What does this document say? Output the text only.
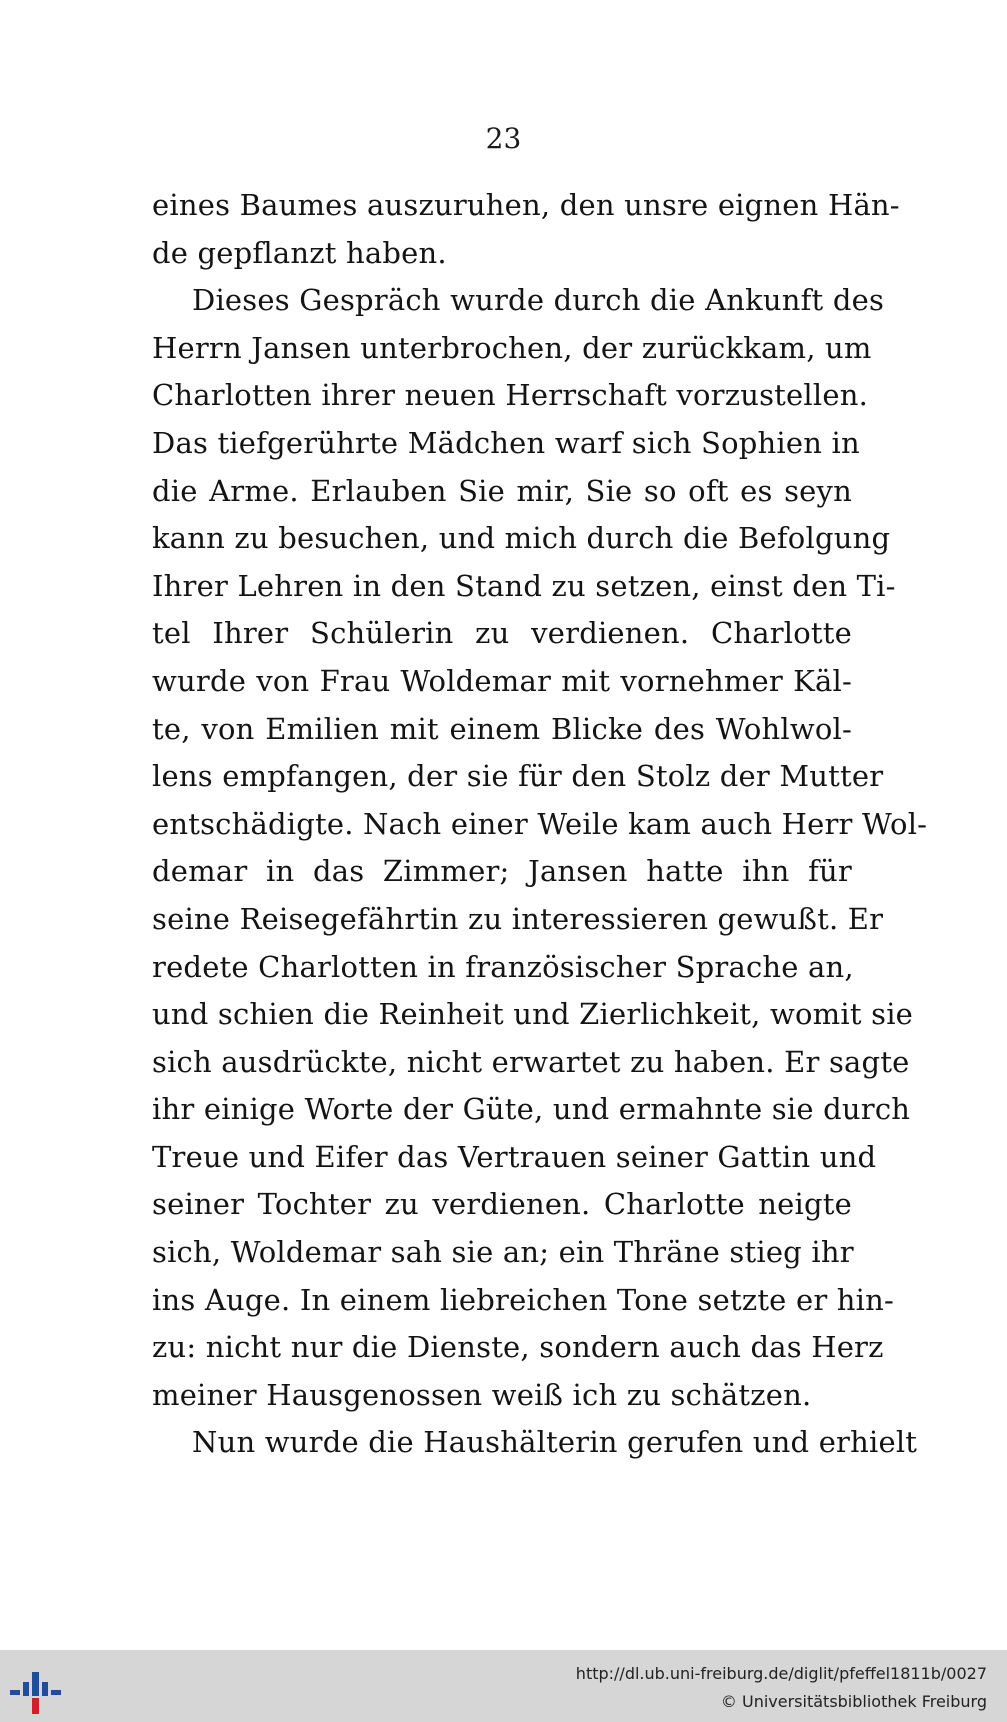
23
eines Baumes auszuruhen, den unsre eignen Hän-
de gepflanzt haben.
Dieses Gespräch wurde durch die Ankunft des
Herrn Jansen unterbrochen, der zurückkam, um
Charlotten ihrer neuen Herrschaft vorzustellen.
Das tiefgerührte Mädchen warf sich Sophien in
die Arme. Erlauben Sie mir, Sie so oft es seyn
kann zu besuchen, und mich durch die Befolgung
Ihrer Lehren in den Stand zu setzen, einst den Ti-
tel Ihrer Schülerin zu verdienen. Charlotte
wurde von Frau Woldemar mit vornehmer Käl-
te, von Emilien mit einem Blicke des Wohlwol-
lens empfangen, der sie für den Stolz der Mutter
entschädigte. Nach einer Weile kam auch Herr Wol-
demar in das Zimmer; Jansen hatte ihn für
seine Reisegefährtin zu interessieren gewußt. Er
redete Charlotten in französischer Sprache an,
und schien die Reinheit und Zierlichkeit, womit sie
sich ausdrückte, nicht erwartet zu haben. Er sagte
ihr einige Worte der Güte, und ermahnte sie durch
Treue und Eifer das Vertrauen seiner Gattin und
seiner Tochter zu verdienen. Charlotte neigte
sich, Woldemar sah sie an; ein Thräne stieg ihr
ins Auge. In einem liebreichen Tone setzte er hin-
zu: nicht nur die Dienste, sondern auch das Herz
meiner Hausgenossen weiß ich zu schätzen.
Nun wurde die Haushälterin gerufen und erhielt
http://dl.ub.uni-freiburg.de/diglit/pfeffel1811b/0027
© Universitätsbibliothek Freiburg
